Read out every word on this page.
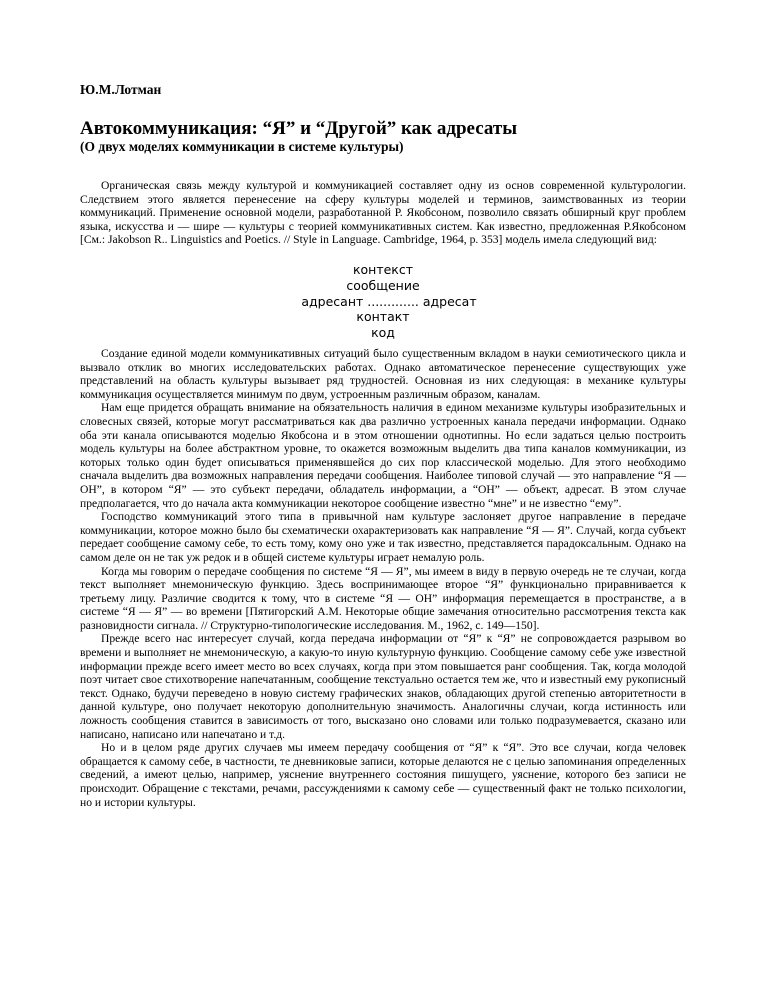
Ю.М.Лотман

Автокоммуникация: “Я” и “Другой” как адресаты
(О двух моделях коммуникации в системе культуры)

Органическая связь между культурой и коммуникацией составляет одну из основ современной культурологии. Следствием этого является перенесение на сферу культуры моделей и терминов, заимствованных из теории коммуникаций. Применение основной модели, разработанной Р. Якобсоном, позволило связать обширный круг проблем языка, искусства и — шире — культуры с теорией коммуникативных систем. Как известно, предложенная Р.Якобсоном [См.: Jakobson R.. Linguistics and Poetics. // Style in Language. Cambridge, 1964, p. 353] модель имела следующий вид:

контекст
сообщение
адресант ............. адресат
контакт
код

Создание единой модели коммуникативных ситуаций было существенным вкладом в науки семиотического цикла и вызвало отклик во многих исследовательских работах. Однако автоматическое перенесение существующих уже представлений на область культуры вызывает ряд трудностей. Основная из них следующая: в механике культуры коммуникация осуществляется минимум по двум, устроенным различным образом, каналам.

Нам еще придется обращать внимание на обязательность наличия в едином механизме культуры изобразительных и словесных связей, которые могут рассматриваться как два различно устроенных канала передачи информации. Однако оба эти канала описываются моделью Якобсона и в этом отношении однотипны. Но если задаться целью построить модель культуры на более абстрактном уровне, то окажется возможным выделить два типа каналов коммуникации, из которых только один будет описываться применявшейся до сих пор классической моделью. Для этого необходимо сначала выделить два возможных направления передачи сообщения. Наиболее типовой случай — это направление “Я — ОН”, в котором “Я” — это субъект передачи, обладатель информации, а “ОН” — объект, адресат. В этом случае предполагается, что до начала акта коммуникации некоторое сообщение известно “мне” и не известно “ему”.

Господство коммуникаций этого типа в привычной нам культуре заслоняет другое направление в передаче коммуникации, которое можно было бы схематически охарактеризовать как направление “Я — Я”. Случай, когда субъект передает сообщение самому себе, то есть тому, кому оно уже и так известно, представляется парадоксальным. Однако на самом деле он не так уж редок и в общей системе культуры играет немалую роль.

Когда мы говорим о передаче сообщения по системе “Я — Я”, мы имеем в виду в первую очередь не те случаи, когда текст выполняет мнемоническую функцию. Здесь воспринимающее второе “Я” функционально приравнивается к третьему лицу. Различие сводится к тому, что в системе “Я — ОН” информация перемещается в пространстве, а в системе “Я — Я” — во времени [Пятигорский А.М. Некоторые общие замечания относительно рассмотрения текста как разновидности сигнала. // Структурно-типологические исследования. М., 1962, с. 149—150].

Прежде всего нас интересует случай, когда передача информации от “Я” к “Я” не сопровождается разрывом во времени и выполняет не мнемоническую, а какую-то иную культурную функцию. Сообщение самому себе уже известной информации прежде всего имеет место во всех случаях, когда при этом повышается ранг сообщения. Так, когда молодой поэт читает свое стихотворение напечатанным, сообщение текстуально остается тем же, что и известный ему рукописный текст. Однако, будучи переведено в новую систему графических знаков, обладающих другой степенью авторитетности в данной культуре, оно получает некоторую дополнительную значимость. Аналогичны случаи, когда истинность или ложность сообщения ставится в зависимость от того, высказано оно словами или только подразумевается, сказано или написано, написано или напечатано и т.д.

Но и в целом ряде других случаев мы имеем передачу сообщения от “Я” к “Я”. Это все случаи, когда человек обращается к самому себе, в частности, те дневниковые записи, которые делаются не с целью запоминания определенных сведений, а имеют целью, например, уяснение внутреннего состояния пишущего, уяснение, которого без записи не происходит. Обращение с текстами, речами, рассуждениями к самому себе — существенный факт не только психологии, но и истории культуры.
